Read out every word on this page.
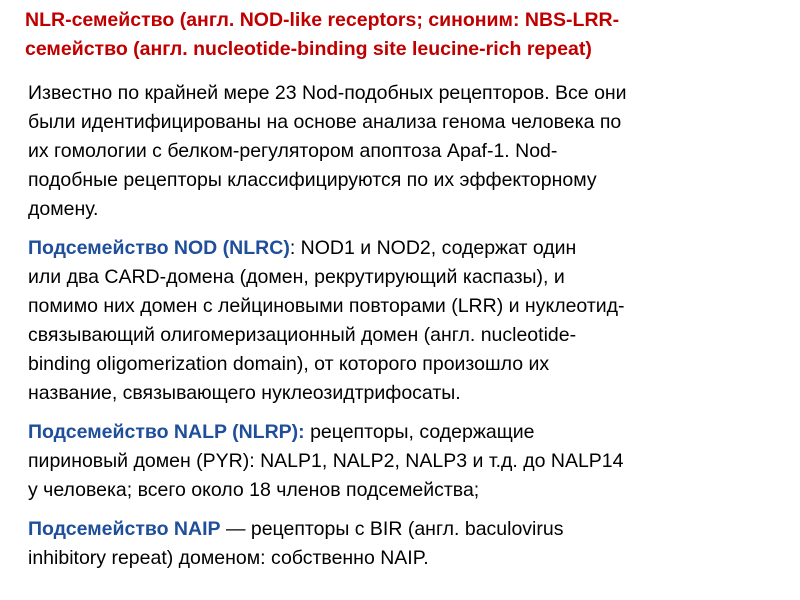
NLR-семейство (англ. NOD-like receptors; синоним: NBS-LRR-
семейство (англ. nucleotide-binding site leucine-rich repeat)

Известно по крайней мере 23 Nod-подобных рецепторов. Все они
были идентифицированы на основе анализа генома человека по
их гомологии с белком-регулятором апоптоза Apaf-1. Nod-
подобные рецепторы классифицируются по их эффекторному
домену.

Подсемейство NOD (NLRC): NOD1 и NOD2, содержат один
или два CARD-домена (домен, рекрутирующий каспазы), и
помимо них домен с лейциновыми повторами (LRR) и нуклеотид-
связывающий олигомеризационный домен (англ. nucleotide-
binding oligomerization domain), от которого произошло их
название, связывающего нуклеозидтрифосаты.

Подсемейство NALP (NLRP): рецепторы, содержащие
пириновый домен (PYR): NALP1, NALP2, NALP3 и т.д. до NALP14
у человека; всего около 18 членов подсемейства;

Подсемейство NAIP — рецепторы с BIR (англ. baculovirus
inhibitory repeat) доменом: собственно NAIP.
